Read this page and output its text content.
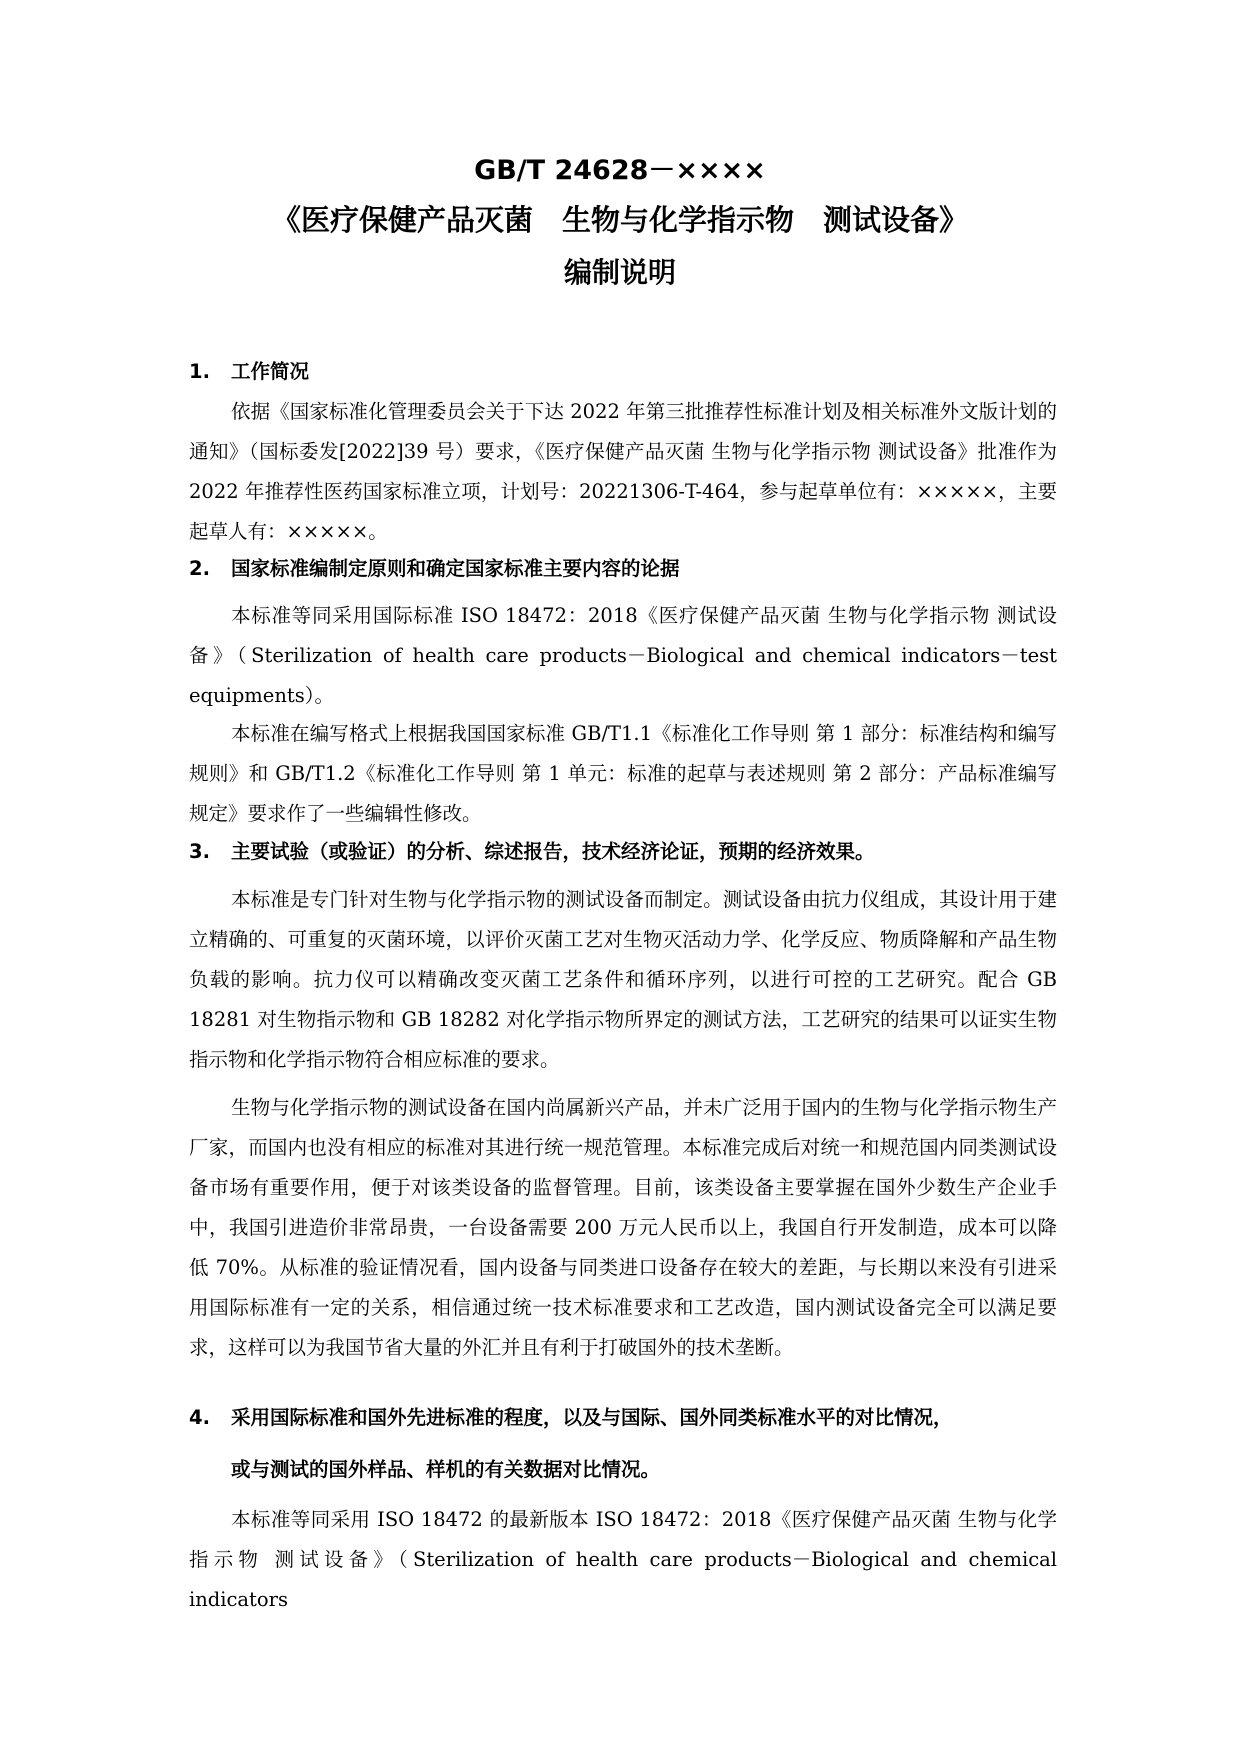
GB/T 24628－××××
《医疗保健产品灭菌　生物与化学指示物　测试设备》
编制说明
1. 工作简况

依据《国家标准化管理委员会关于下达 2022 年第三批推荐性标准计划及相关标准外文版计划的通知》（国标委发[2022]39 号）要求，《医疗保健产品灭菌 生物与化学指示物 测试设备》批准作为 2022 年推荐性医药国家标准立项，计划号：20221306-T-464，参与起草单位有：×××××，主要起草人有：×××××。

2. 国家标准编制定原则和确定国家标准主要内容的论据

本标准等同采用国际标准 ISO 18472：2018《医疗保健产品灭菌 生物与化学指示物 测试设备》（Sterilization of health care products－Biological and chemical indicators－test equipments）。

本标准在编写格式上根据我国国家标准 GB/T1.1《标准化工作导则 第 1 部分：标准结构和编写规则》和 GB/T1.2《标准化工作导则 第 1 单元：标准的起草与表述规则 第 2 部分：产品标准编写规定》要求作了一些编辑性修改。

3. 主要试验（或验证）的分析、综述报告，技术经济论证，预期的经济效果。

本标准是专门针对生物与化学指示物的测试设备而制定。测试设备由抗力仪组成，其设计用于建立精确的、可重复的灭菌环境，以评价灭菌工艺对生物灭活动力学、化学反应、物质降解和产品生物负载的影响。抗力仪可以精确改变灭菌工艺条件和循环序列，以进行可控的工艺研究。配合 GB 18281 对生物指示物和 GB 18282 对化学指示物所界定的测试方法，工艺研究的结果可以证实生物指示物和化学指示物符合相应标准的要求。

生物与化学指示物的测试设备在国内尚属新兴产品，并未广泛用于国内的生物与化学指示物生产厂家，而国内也没有相应的标准对其进行统一规范管理。本标准完成后对统一和规范国内同类测试设备市场有重要作用，便于对该类设备的监督管理。目前，该类设备主要掌握在国外少数生产企业手中，我国引进造价非常昂贵，一台设备需要 200 万元人民币以上，我国自行开发制造，成本可以降低 70%。从标准的验证情况看，国内设备与同类进口设备存在较大的差距，与长期以来没有引进采用国际标准有一定的关系，相信通过统一技术标准要求和工艺改造，国内测试设备完全可以满足要求，这样可以为我国节省大量的外汇并且有利于打破国外的技术垄断。

4. 采用国际标准和国外先进标准的程度，以及与国际、国外同类标准水平的对比情况，
或与测试的国外样品、样机的有关数据对比情况。

本标准等同采用 ISO 18472 的最新版本 ISO 18472：2018《医疗保健产品灭菌 生物与化学指示物 测试设备》（Sterilization of health care products－Biological and chemical indicators
